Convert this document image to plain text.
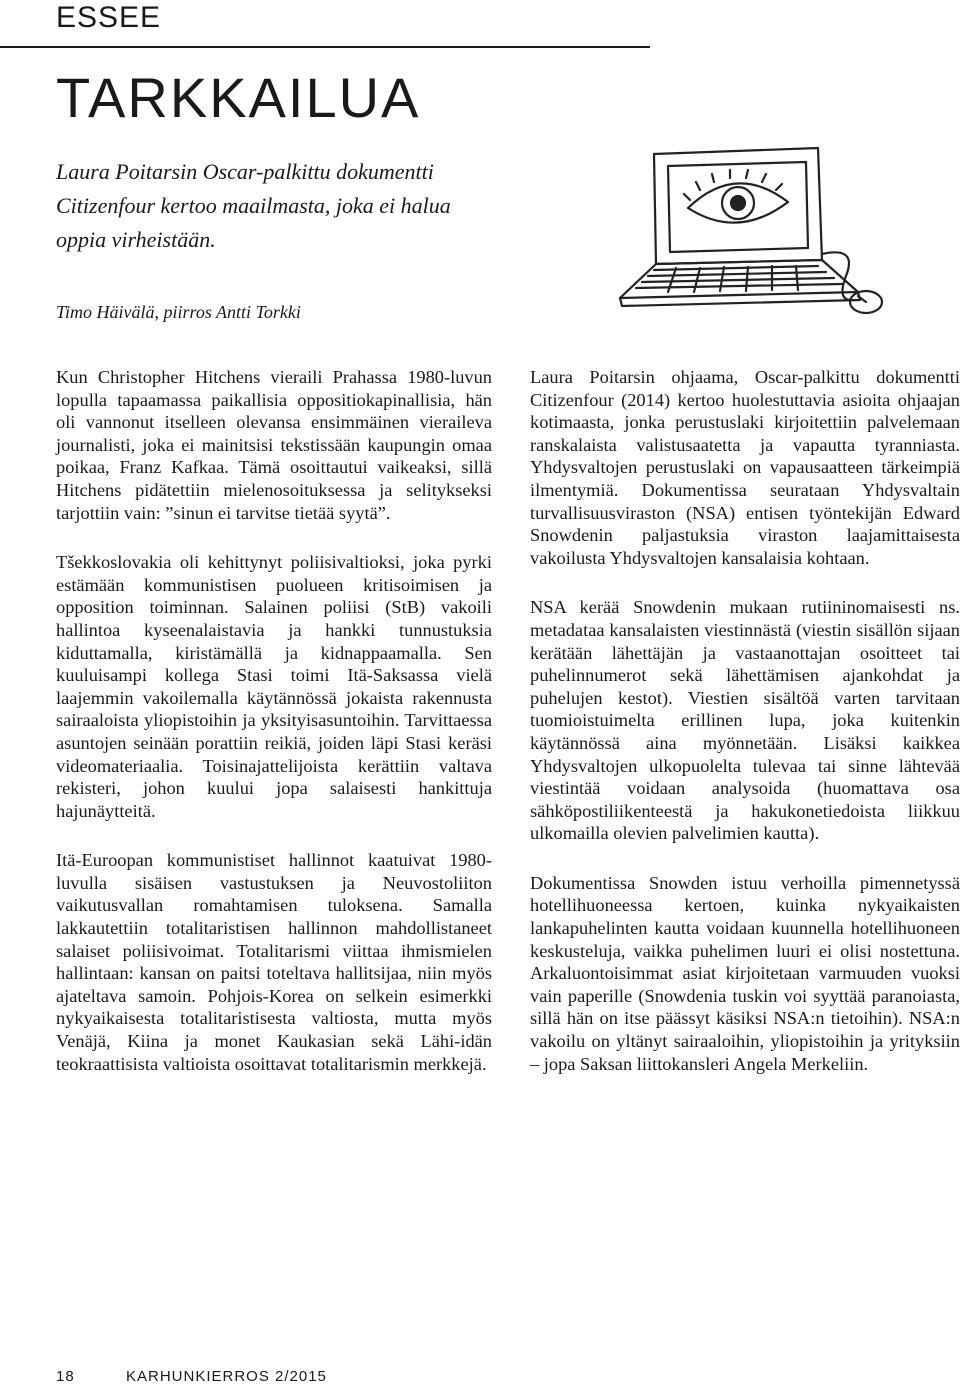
ESSEE
TARKKAILUA
Laura Poitarsin Oscar-palkittu dokumentti Citizenfour kertoo maailmasta, joka ei halua oppia virheistään.
Timo Häivälä, piirros Antti Torkki

Kun Christopher Hitchens vieraili Prahassa 1980-luvun lopulla tapaamassa paikallisia oppositiokapinallisia, hän oli vannonut itselleen olevansa ensimmäinen vieraileva journalisti, joka ei mainitsisi tekstissään kaupungin omaa poikaa, Franz Kafkaa. Tämä osoittautui vaikeaksi, sillä Hitchens pidätettiin mielenosoituksessa ja selitykseksi tarjottiin vain: ”sinun ei tarvitse tietää syytä”.

Tšekkoslovakia oli kehittynyt poliisivaltioksi, joka pyrki estämään kommunistisen puolueen kritisoimisen ja opposition toiminnan. Salainen poliisi (StB) vakoili hallintoa kyseenalaistavia ja hankki tunnustuksia kiduttamalla, kiristämällä ja kidnappaamalla. Sen kuuluisampi kollega Stasi toimi Itä-Saksassa vielä laajemmin vakoilemalla käytännössä jokaista rakennusta sairaaloista yliopistoihin ja yksityisasuntoihin. Tarvittaessa asuntojen seinään porattiin reikiä, joiden läpi Stasi keräsi videomateriaalia. Toisinajattelijoista kerättiin valtava rekisteri, johon kuului jopa salaisesti hankittuja hajunäytteitä.

Itä-Euroopan kommunistiset hallinnot kaatuivat 1980-luvulla sisäisen vastustuksen ja Neuvostoliiton vaikutusvallan romahtamisen tuloksena. Samalla lakkautettiin totalitaristisen hallinnon mahdollistaneet salaiset poliisivoimat. Totalitarismi viittaa ihmismielen hallintaan: kansan on paitsi toteltava hallitsijaa, niin myös ajateltava samoin. Pohjois-Korea on selkein esimerkki nykyaikaisesta totalitaristisesta valtiosta, mutta myös Venäjä, Kiina ja monet Kaukasian sekä Lähi-idän teokraattisista valtioista osoittavat totalitarismin merkkejä.

Laura Poitarsin ohjaama, Oscar-palkittu dokumentti Citizenfour (2014) kertoo huolestuttavia asioita ohjaajan kotimaasta, jonka perustuslaki kirjoitettiin palvelemaan ranskalaista valistusaatetta ja vapautta tyranniasta. Yhdysvaltojen perustuslaki on vapausaatteen tärkeimpiä ilmentymiä. Dokumentissa seurataan Yhdysvaltain turvallisuusviraston (NSA) entisen työntekijän Edward Snowdenin paljastuksia viraston laajamittaisesta vakoilusta Yhdysvaltojen kansalaisia kohtaan.

NSA kerää Snowdenin mukaan rutiininomaisesti ns. metadataa kansalaisten viestinnästä (viestin sisällön sijaan kerätään lähettäjän ja vastaanottajan osoitteet tai puhelinnumerot sekä lähettämisen ajankohdat ja puhelujen kestot). Viestien sisältöä varten tarvitaan tuomioistuimelta erillinen lupa, joka kuitenkin käytännössä aina myönnetään. Lisäksi kaikkea Yhdysvaltojen ulkopuolelta tulevaa tai sinne lähtevää viestintää voidaan analysoida (huomattava osa sähköpostiliikenteestä ja hakukonetiedoista liikkuu ulkomailla olevien palvelimien kautta).

Dokumentissa Snowden istuu verhoilla pimennetyssä hotellihuoneessa kertoen, kuinka nykyaikaisten lankapuhelinten kautta voidaan kuunnella hotellihuoneen keskusteluja, vaikka puhelimen luuri ei olisi nostettuna. Arkaluontoisimmat asiat kirjoitetaan varmuuden vuoksi vain paperille (Snowdenia tuskin voi syyttää paranoiasta, sillä hän on itse päässyt käsiksi NSA:n tietoihin). NSA:n vakoilu on yltänyt sairaaloihin, yliopistoihin ja yrityksiin – jopa Saksan liittokansleri Angela Merkeliin.

18	KARHUNKIERROS 2/2015
